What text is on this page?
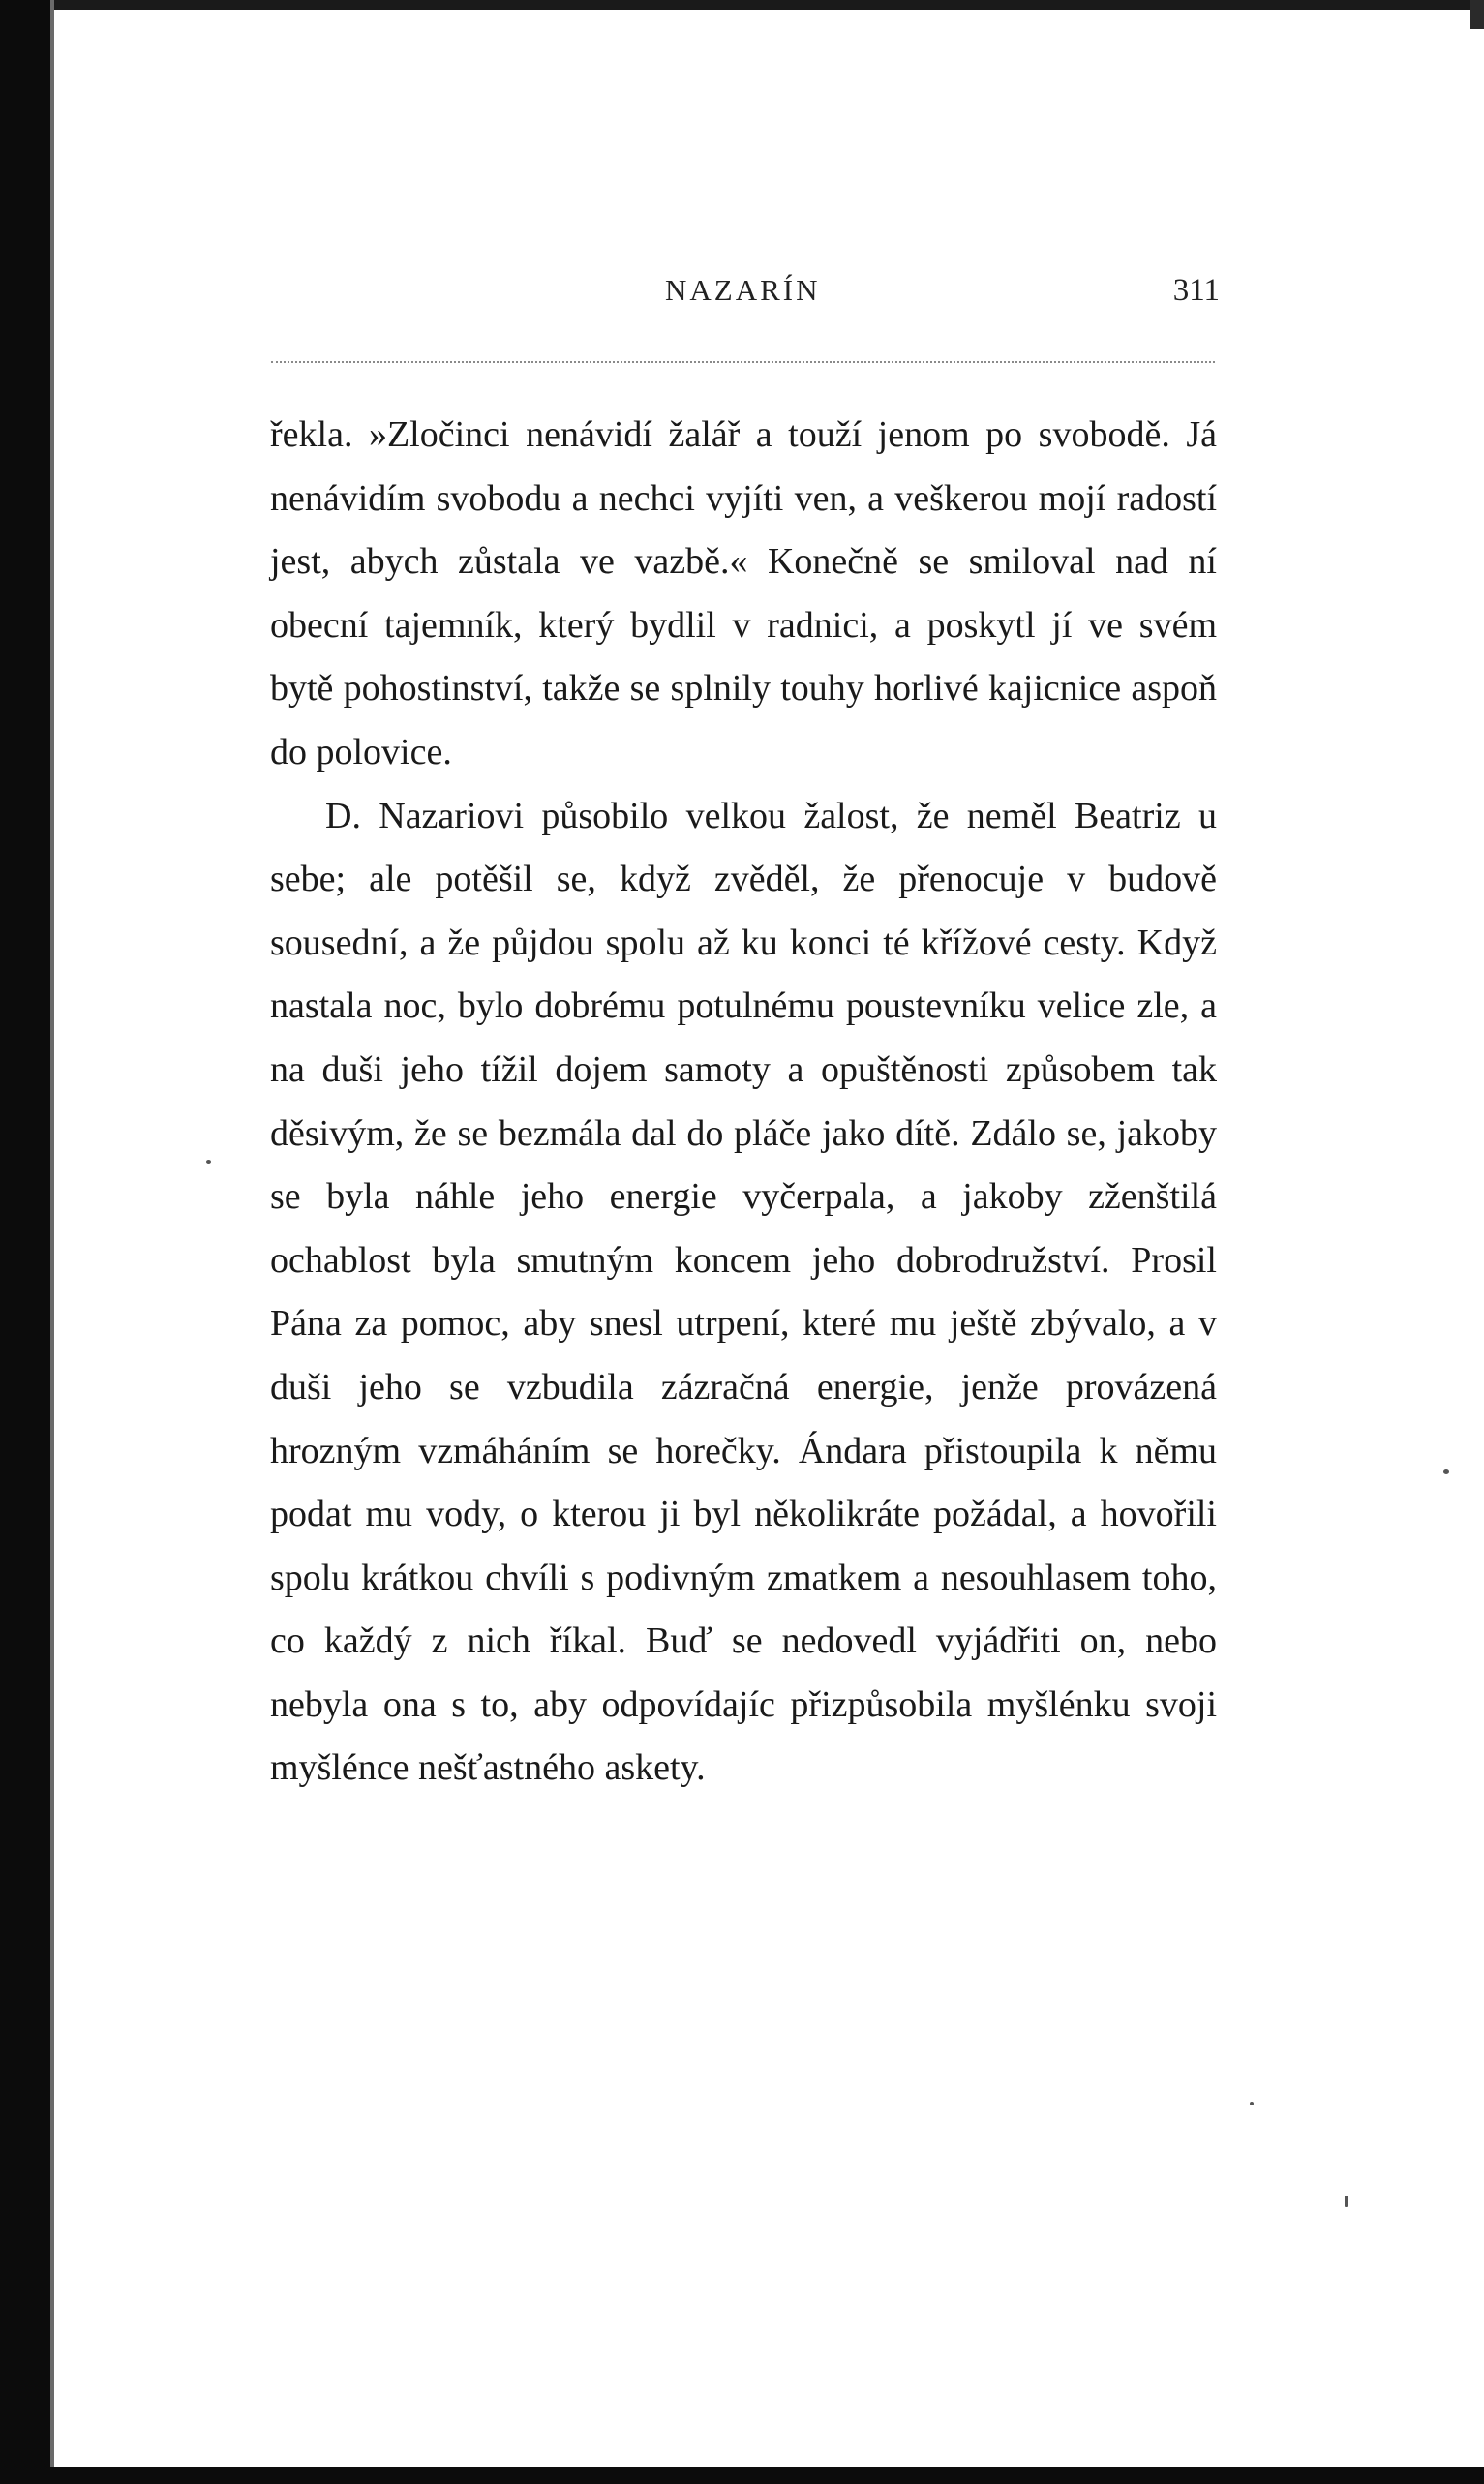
NAZARÍN	311

řekla. »Zločinci nenávidí žalář a touží jenom po svobodě. Já nenávidím svobodu a nechci vyjíti ven, a veškerou mojí radostí jest, abych zůstala ve vazbě.« Konečně se smiloval nad ní obecní tajemník, který bydlil v radnici, a poskytl jí ve svém bytě pohostinství, takže se splnily touhy horlivé kajicnice aspoň do polovice.

D. Nazariovi působilo velkou žalost, že neměl Beatriz u sebe; ale potěšil se, když zvěděl, že přenocuje v budově sousední, a že půjdou spolu až ku konci té křížové cesty. Když nastala noc, bylo dobrému potulnému poustevníku velice zle, a na duši jeho tížil dojem samoty a opuštěnosti způsobem tak děsivým, že se bezmála dal do pláče jako dítě. Zdálo se, jakoby se byla náhle jeho energie vyčerpala, a jakoby zženštilá ochablost byla smutným koncem jeho dobrodružství. Prosil Pána za pomoc, aby snesl utrpení, které mu ještě zbývalo, a v duši jeho se vzbudila zázračná energie, jenže provázená hrozným vzmáháním se horečky. Ándara přistoupila k němu podat mu vody, o kterou ji byl několikráte požádal, a hovořili spolu krátkou chvíli s podivným zmatkem a nesouhlasem toho, co každý z nich říkal. Buď se nedovedl vyjádřiti on, nebo nebyla ona s to, aby odpovídajíc přizpůsobila myšlénku svoji myšlénce nešťastného askety.
